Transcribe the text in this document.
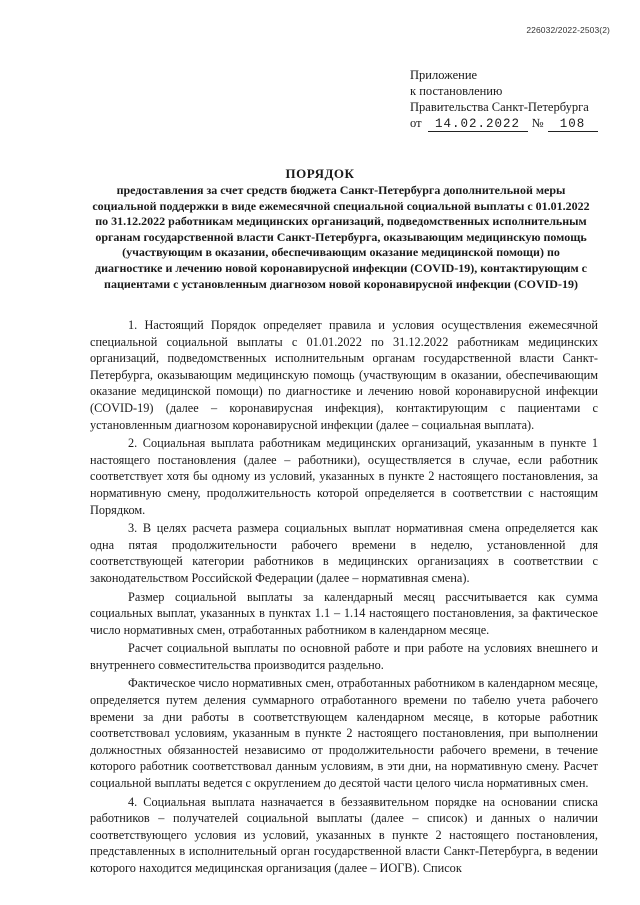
226032/2022-2503(2)
Приложение
к постановлению
Правительства Санкт-Петербурга
от	14.02.2022 №	108
ПОРЯДОК
предоставления за счет средств бюджета Санкт-Петербурга дополнительной меры социальной поддержки в виде ежемесячной специальной социальной выплаты с 01.01.2022 по 31.12.2022 работникам медицинских организаций, подведомственных исполнительным органам государственной власти Санкт-Петербурга, оказывающим медицинскую помощь (участвующим в оказании, обеспечивающим оказание медицинской помощи) по диагностике и лечению новой коронавирусной инфекции (COVID-19), контактирующим с пациентами с установленным диагнозом новой коронавирусной инфекции (COVID-19)

1. Настоящий Порядок определяет правила и условия осуществления ежемесячной специальной социальной выплаты с 01.01.2022 по 31.12.2022 работникам медицинских организаций, подведомственных исполнительным органам государственной власти Санкт-Петербурга, оказывающим медицинскую помощь (участвующим в оказании, обеспечивающим оказание медицинской помощи) по диагностике и лечению новой коронавирусной инфекции (COVID-19) (далее – коронавирусная инфекция), контактирующим с пациентами с установленным диагнозом коронавирусной инфекции (далее – социальная выплата).

2. Социальная выплата работникам медицинских организаций, указанным в пункте 1 настоящего постановления (далее – работники), осуществляется в случае, если работник соответствует хотя бы одному из условий, указанных в пункте 2 настоящего постановления, за нормативную смену, продолжительность которой определяется в соответствии с настоящим Порядком.

3. В целях расчета размера социальных выплат нормативная смена определяется как одна пятая продолжительности рабочего времени в неделю, установленной для соответствующей категории работников в медицинских организациях в соответствии с законодательством Российской Федерации (далее – нормативная смена).

Размер социальной выплаты за календарный месяц рассчитывается как сумма социальных выплат, указанных в пунктах 1.1 – 1.14 настоящего постановления, за фактическое число нормативных смен, отработанных работником в календарном месяце.

Расчет социальной выплаты по основной работе и при работе на условиях внешнего и внутреннего совместительства производится раздельно.

Фактическое число нормативных смен, отработанных работником в календарном месяце, определяется путем деления суммарного отработанного времени по табелю учета рабочего времени за дни работы в соответствующем календарном месяце, в которые работник соответствовал условиям, указанным в пункте 2 настоящего постановления, при выполнении должностных обязанностей независимо от продолжительности рабочего времени, в течение которого работник соответствовал данным условиям, в эти дни, на нормативную смену. Расчет социальной выплаты ведется с округлением до десятой части целого числа нормативных смен.

4. Социальная выплата назначается в беззаявительном порядке на основании списка работников – получателей социальной выплаты (далее – список) и данных о наличии соответствующего условия из условий, указанных в пункте 2 настоящего постановления, представленных в исполнительный орган государственной власти Санкт-Петербурга, в ведении которого находится медицинская организация (далее – ИОГВ). Список
